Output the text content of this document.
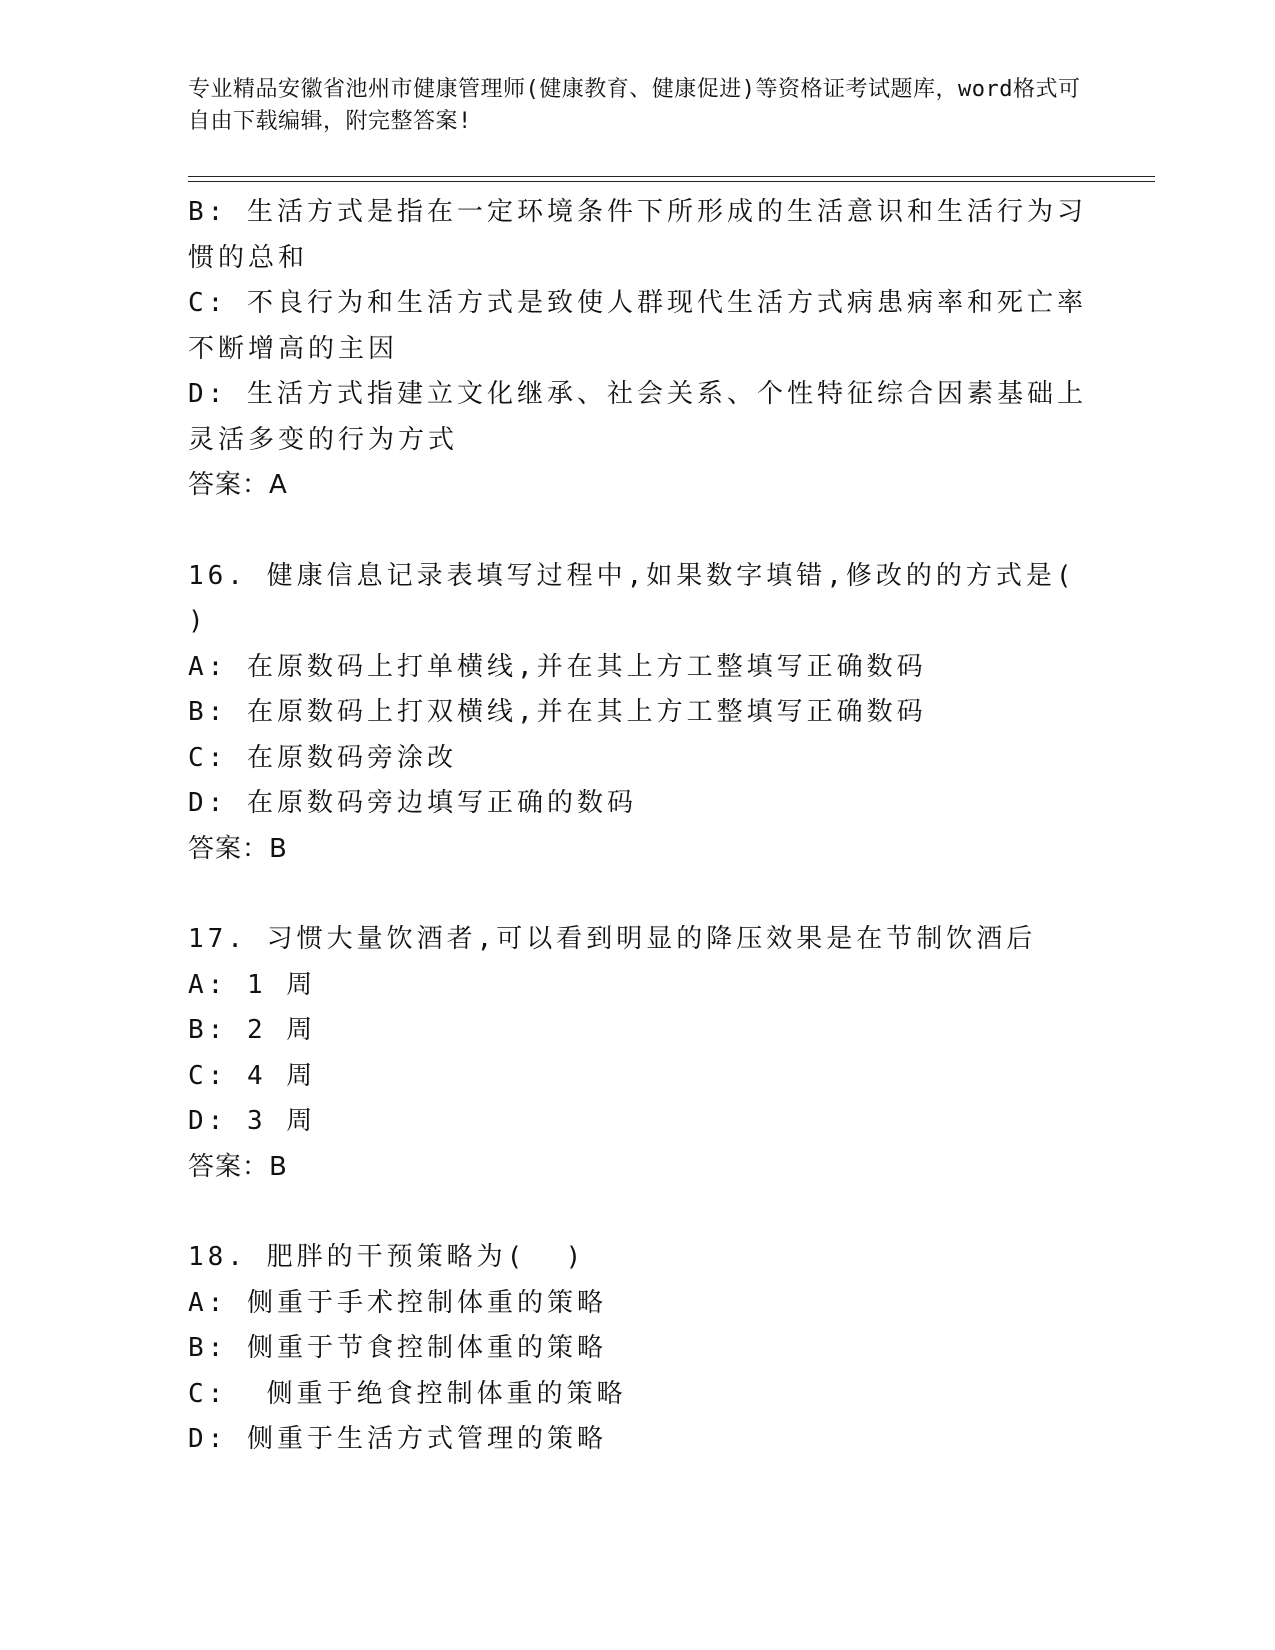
专业精品安徽省池州市健康管理师(健康教育、健康促进)等资格证考试题库，word格式可自由下载编辑，附完整答案!

B: 生活方式是指在一定环境条件下所形成的生活意识和生活行为习惯的总和

C: 不良行为和生活方式是致使人群现代生活方式病患病率和死亡率不断增高的主因

D: 生活方式指建立文化继承、社会关系、个性特征综合因素基础上灵活多变的行为方式

答案：A

16. 健康信息记录表填写过程中,如果数字填错,修改的的方式是(
)

A: 在原数码上打单横线,并在其上方工整填写正确数码

B: 在原数码上打双横线,并在其上方工整填写正确数码

C: 在原数码旁涂改

D: 在原数码旁边填写正确的数码

答案：B

17. 习惯大量饮酒者,可以看到明显的降压效果是在节制饮酒后

A: 1 周

B: 2 周

C: 4 周

D: 3 周

答案：B

18. 肥胖的干预策略为(  )

A: 侧重于手术控制体重的策略

B: 侧重于节食控制体重的策略

C:  侧重于绝食控制体重的策略

D: 侧重于生活方式管理的策略
